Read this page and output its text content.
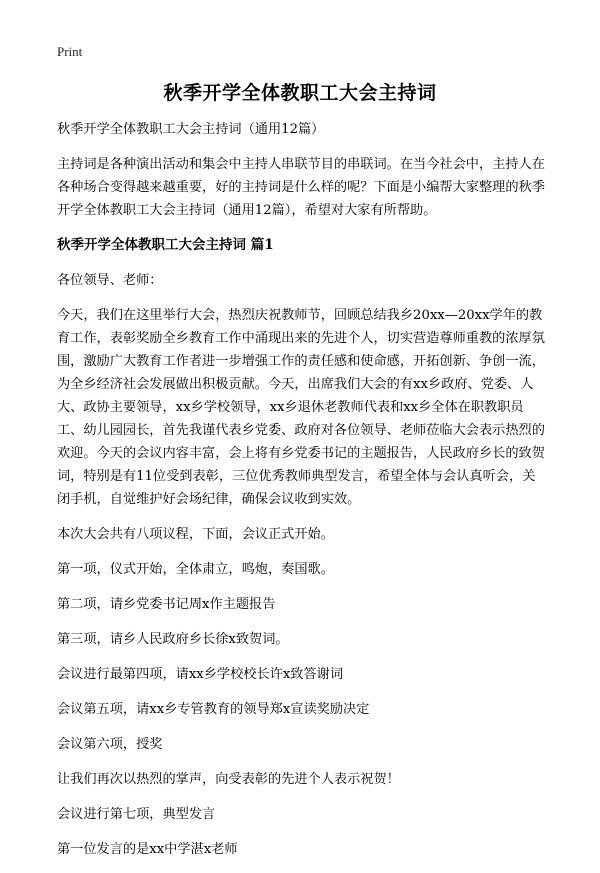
Print
秋季开学全体教职工大会主持词

秋季开学全体教职工大会主持词（通用12篇）

主持词是各种演出活动和集会中主持人串联节目的串联词。在当今社会中，主持人在各种场合变得越来越重要，好的主持词是什么样的呢？下面是小编帮大家整理的秋季开学全体教职工大会主持词（通用12篇），希望对大家有所帮助。

秋季开学全体教职工大会主持词 篇1

各位领导、老师：

今天，我们在这里举行大会，热烈庆祝教师节，回顾总结我乡20xx—20xx学年的教育工作，表彰奖励全乡教育工作中涌现出来的先进个人，切实营造尊师重教的浓厚氛围，激励广大教育工作者进一步增强工作的责任感和使命感，开拓创新、争创一流，为全乡经济社会发展做出积极贡献。今天，出席我们大会的有xx乡政府、党委、人大、政协主要领导，xx乡学校领导，xx乡退休老教师代表和xx乡全体在职教职员工、幼儿园园长，首先我谨代表乡党委、政府对各位领导、老师莅临大会表示热烈的欢迎。今天的会议内容丰富，会上将有乡党委书记的主题报告，人民政府乡长的致贺词，特别是有11位受到表彰，三位优秀教师典型发言，希望全体与会认真听会，关闭手机，自觉维护好会场纪律，确保会议收到实效。

本次大会共有八项议程，下面，会议正式开始。

第一项，仪式开始，全体肃立，鸣炮，奏国歌。

第二项，请乡党委书记周x作主题报告

第三项，请乡人民政府乡长徐x致贺词。

会议进行最第四项，请xx乡学校校长许x致答谢词

会议第五项，请xx乡专管教育的领导郑x宣读奖励决定

会议第六项，授奖

让我们再次以热烈的掌声，向受表彰的先进个人表示祝贺！

会议进行第七项，典型发言

第一位发言的是xx中学湛x老师
